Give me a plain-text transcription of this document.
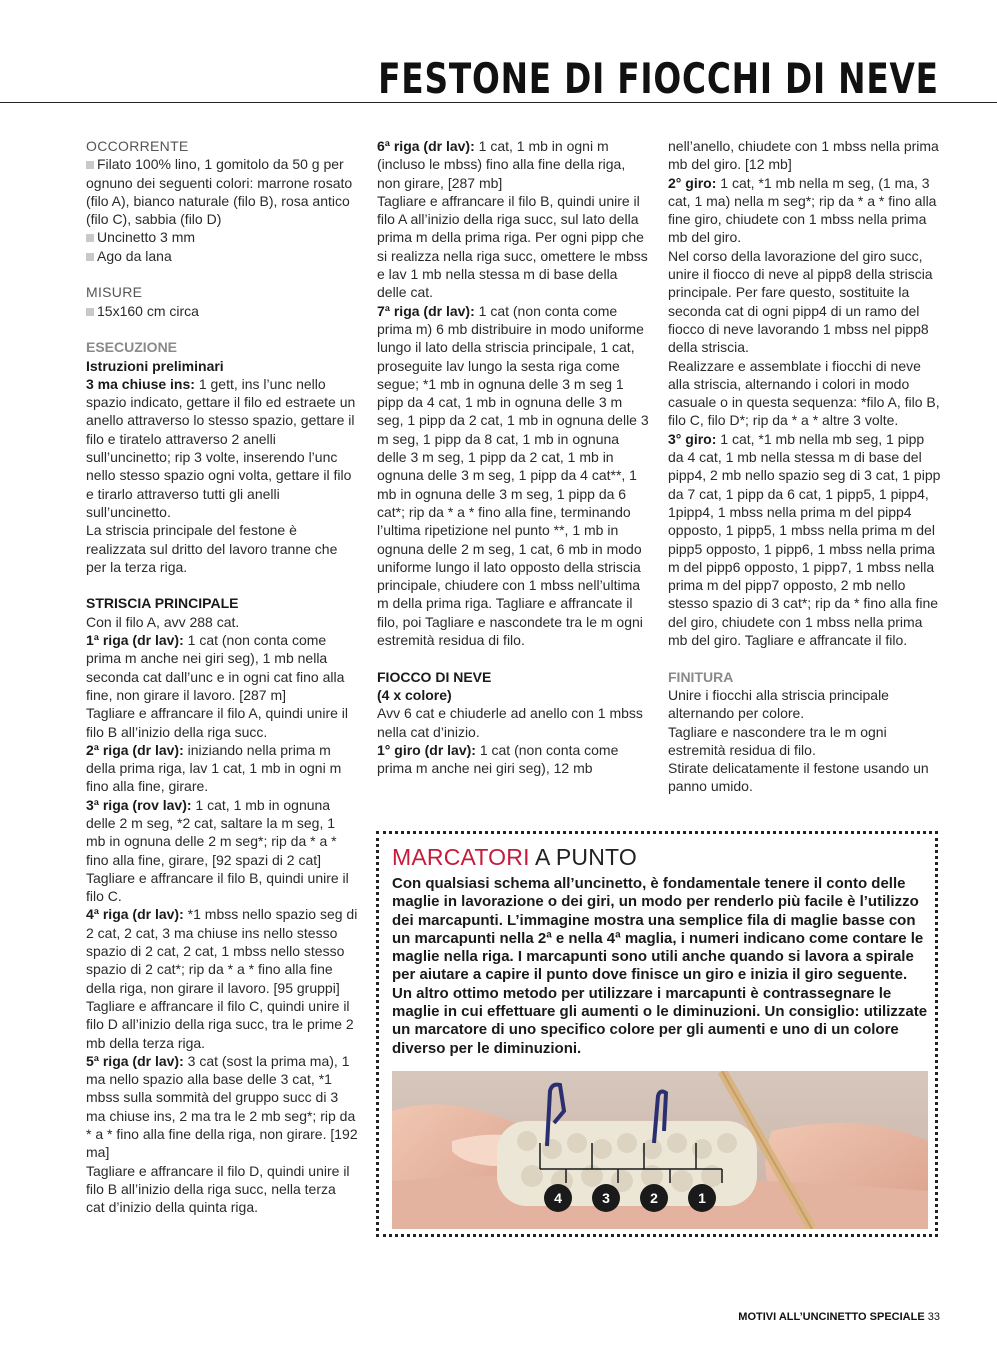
FESTONE DI FIOCCHI DI NEVE

OCCORRENTE

Filato 100% lino, 1 gomitolo da 50 g per ognuno dei seguenti colori: marrone rosato (filo A), bianco naturale (filo B), rosa antico (filo C), sabbia (filo D)

Uncinetto 3 mm

Ago da lana

MISURE

15x160 cm circa

ESECUZIONE

Istruzioni preliminari

3 ma chiuse ins: 1 gett, ins l’unc nello spazio indicato, gettare il filo ed estraete un anello attraverso lo stesso spazio, gettare il filo e tiratelo attraverso 2 anelli sull’uncinetto; rip 3 volte, inserendo l’unc nello stesso spazio ogni volta, gettare il filo e tirarlo attraverso tutti gli anelli sull’uncinetto.

La striscia principale del festone è realizzata sul dritto del lavoro tranne che per la terza riga.

STRISCIA PRINCIPALE

Con il filo A, avv 288 cat.

1ª riga (dr lav): 1 cat (non conta come prima m anche nei giri seg), 1 mb nella seconda cat dall’unc e in ogni cat fino alla fine, non girare il lavoro. [287 m]

Tagliare e affrancare il filo A, quindi unire il filo B all’inizio della riga succ.

2ª riga (dr lav): iniziando nella prima m della prima riga, lav 1 cat, 1 mb in ogni m fino alla fine, girare.

3ª riga (rov lav): 1 cat, 1 mb in ognuna delle 2 m seg, *2 cat, saltare la m seg, 1 mb in ognuna delle 2 m seg*; rip da * a * fino alla fine, girare, [92 spazi di 2 cat]

Tagliare e affrancare il filo B, quindi unire il filo C.

4ª riga (dr lav): *1 mbss nello spazio seg di 2 cat, 2 cat, 3 ma chiuse ins nello stesso spazio di 2 cat, 2 cat, 1 mbss nello stesso spazio di 2 cat*; rip da * a * fino alla fine della riga, non girare il lavoro. [95 gruppi]

Tagliare e affrancare il filo C, quindi unire il filo D all’inizio della riga succ, tra le prime 2 mb della terza riga.

5ª riga (dr lav): 3 cat (sost la prima ma), 1 ma nello spazio alla base delle 3 cat, *1 mbss sulla sommità del gruppo succ di 3 ma chiuse ins, 2 ma tra le 2 mb seg*; rip da * a * fino alla fine della riga, non girare. [192 ma]

Tagliare e affrancare il filo D, quindi unire il filo B all’inizio della riga succ, nella terza cat d’inizio della quinta riga.

6ª riga (dr lav): 1 cat, 1 mb in ogni m (incluso le mbss) fino alla fine della riga, non girare, [287 mb]

Tagliare e affrancare il filo B, quindi unire il filo A all’inizio della riga succ, sul lato della prima m della prima riga. Per ogni pipp che si realizza nella riga succ, omettere le mbss e lav 1 mb nella stessa m di base della delle cat.

7ª riga (dr lav): 1 cat (non conta come prima m) 6 mb distribuire in modo uniforme lungo il lato della striscia principale, 1 cat, proseguite lav lungo la sesta riga come segue; *1 mb in ognuna delle 3 m seg 1 pipp da 4 cat, 1 mb in ognuna delle 3 m seg, 1 pipp da 2 cat, 1 mb in ognuna delle 3 m seg, 1 pipp da 8 cat, 1 mb in ognuna delle 3 m seg, 1 pipp da 2 cat, 1 mb in ognuna delle 3 m seg, 1 pipp da 4 cat**, 1 mb in ognuna delle 3 m seg, 1 pipp da 6 cat*; rip da * a * fino alla fine, terminando l’ultima ripetizione nel punto **, 1 mb in ognuna delle 2 m seg, 1 cat, 6 mb in modo uniforme lungo il lato opposto della striscia principale, chiudere con 1 mbss nell’ultima m della prima riga. Tagliare e affrancate il filo, poi Tagliare e nascondete tra le m ogni estremità residua di filo.

FIOCCO DI NEVE

(4 x colore)

Avv 6 cat e chiuderle ad anello con 1 mbss nella cat d’inizio.

1° giro (dr lav): 1 cat (non conta come prima m anche nei giri seg), 12 mb

nell’anello, chiudete con 1 mbss nella prima mb del giro. [12 mb]

2° giro: 1 cat, *1 mb nella m seg, (1 ma, 3 cat, 1 ma) nella m seg*; rip da * a * fino alla fine giro, chiudete con 1 mbss nella prima mb del giro.

Nel corso della lavorazione del giro succ, unire il fiocco di neve al pipp8 della striscia principale. Per fare questo, sostituite la seconda cat di ogni pipp4 di un ramo del fiocco di neve lavorando 1 mbss nel pipp8 della striscia.

Realizzare e assemblate i fiocchi di neve alla striscia, alternando i colori in modo casuale o in questa sequenza: *filo A, filo B, filo C, filo D*; rip da * a * altre 3 volte.

3° giro: 1 cat, *1 mb nella mb seg, 1 pipp da 4 cat, 1 mb nella stessa m di base del pipp4, 2 mb nello spazio seg di 3 cat, 1 pipp da 7 cat, 1 pipp da 6 cat, 1 pipp5, 1 pipp4, 1pipp4, 1 mbss nella prima m del pipp4 opposto, 1 pipp5, 1 mbss nella prima m del pipp5 opposto, 1 pipp6, 1 mbss nella prima m del pipp6 opposto, 1 pipp7, 1 mbss nella prima m del pipp7 opposto, 2 mb nello stesso spazio di 3 cat*; rip da * fino alla fine del giro, chiudete con 1 mbss nella prima mb del giro. Tagliare e affrancate il filo.

FINITURA

Unire i fiocchi alla striscia principale alternando per colore.

Tagliare e nascondere tra le m ogni estremità residua di filo.

Stirate delicatamente il festone usando un panno umido.

MARCATORI A PUNTO
Con qualsiasi schema all’uncinetto, è fondamentale tenere il conto delle maglie in lavorazione o dei giri, un modo per renderlo più facile è l’utilizzo dei marcapunti. L’immagine mostra una semplice fila di maglie basse con un marcapunti nella 2ª e nella 4ª maglia, i numeri indicano come contare le maglie nella riga. I marcapunti sono utili anche quando si lavora a spirale per aiutare a capire il punto dove finisce un giro e inizia il giro seguente.
Un altro ottimo metodo per utilizzare i marcapunti è contrassegnare le maglie in cui effettuare gli aumenti o le diminuzioni. Un consiglio: utilizzate un marcatore di uno specifico colore per gli aumenti e uno di un colore diverso per le diminuzioni.
4	3	2	1
MOTIVI ALL’UNCINETTO SPECIALE 33
